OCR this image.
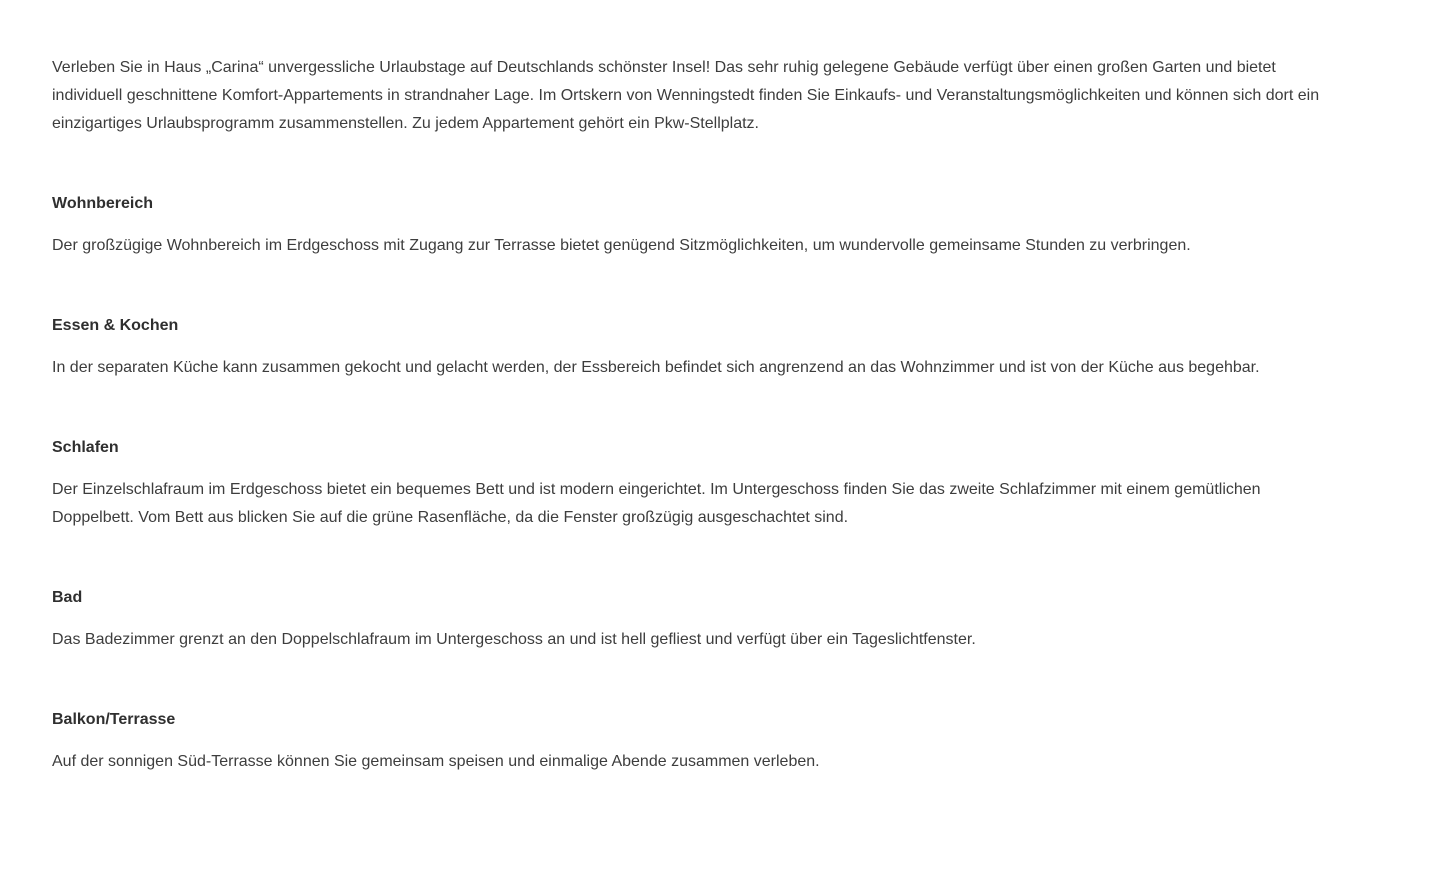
Verleben Sie in Haus „Carina“ unvergessliche Urlaubstage auf Deutschlands schönster Insel! Das sehr ruhig gelegene Gebäude verfügt über einen großen Garten und bietet individuell geschnittene Komfort-Appartements in strandnaher Lage. Im Ortskern von Wenningstedt finden Sie Einkaufs- und Veranstaltungsmöglichkeiten und können sich dort ein einzigartiges Urlaubsprogramm zusammenstellen. Zu jedem Appartement gehört ein Pkw-Stellplatz.

Wohnbereich

Der großzügige Wohnbereich im Erdgeschoss mit Zugang zur Terrasse bietet genügend Sitzmöglichkeiten, um wundervolle gemeinsame Stunden zu verbringen.

Essen & Kochen

In der separaten Küche kann zusammen gekocht und gelacht werden, der Essbereich befindet sich angrenzend an das Wohnzimmer und ist von der Küche aus begehbar.

Schlafen

Der Einzelschlafraum im Erdgeschoss bietet ein bequemes Bett und ist modern eingerichtet. Im Untergeschoss finden Sie das zweite Schlafzimmer mit einem gemütlichen Doppelbett. Vom Bett aus blicken Sie auf die grüne Rasenfläche, da die Fenster großzügig ausgeschachtet sind.

Bad

Das Badezimmer grenzt an den Doppelschlafraum im Untergeschoss an und ist hell gefliest und verfügt über ein Tageslichtfenster.

Balkon/Terrasse

Auf der sonnigen Süd-Terrasse können Sie gemeinsam speisen und einmalige Abende zusammen verleben.
